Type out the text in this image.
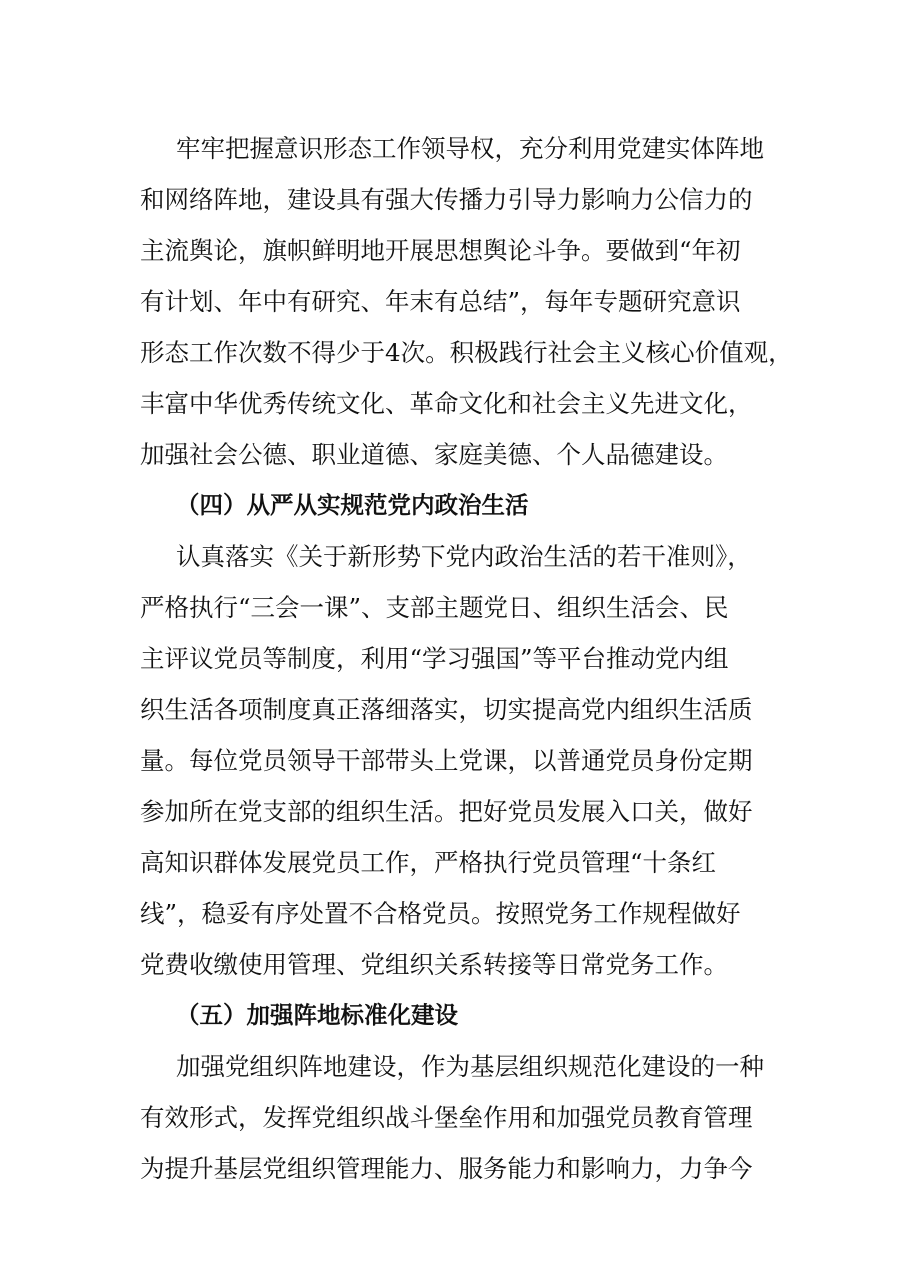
牢牢把握意识形态工作领导权，充分利用党建实体阵地
和网络阵地，建设具有强大传播力引导力影响力公信力的
主流舆论，旗帜鲜明地开展思想舆论斗争。要做到“年初
有计划、年中有研究、年末有总结”，每年专题研究意识
形态工作次数不得少于4次。积极践行社会主义核心价值观，
丰富中华优秀传统文化、革命文化和社会主义先进文化，
加强社会公德、职业道德、家庭美德、个人品德建设。
（四）从严从实规范党内政治生活
认真落实《关于新形势下党内政治生活的若干准则》，
严格执行“三会一课”、支部主题党日、组织生活会、民
主评议党员等制度，利用“学习强国”等平台推动党内组
织生活各项制度真正落细落实，切实提高党内组织生活质
量。每位党员领导干部带头上党课，以普通党员身份定期
参加所在党支部的组织生活。把好党员发展入口关，做好
高知识群体发展党员工作，严格执行党员管理“十条红
线”，稳妥有序处置不合格党员。按照党务工作规程做好
党费收缴使用管理、党组织关系转接等日常党务工作。
（五）加强阵地标准化建设
加强党组织阵地建设，作为基层组织规范化建设的一种
有效形式，发挥党组织战斗堡垒作用和加强党员教育管理
为提升基层党组织管理能力、服务能力和影响力，力争今
